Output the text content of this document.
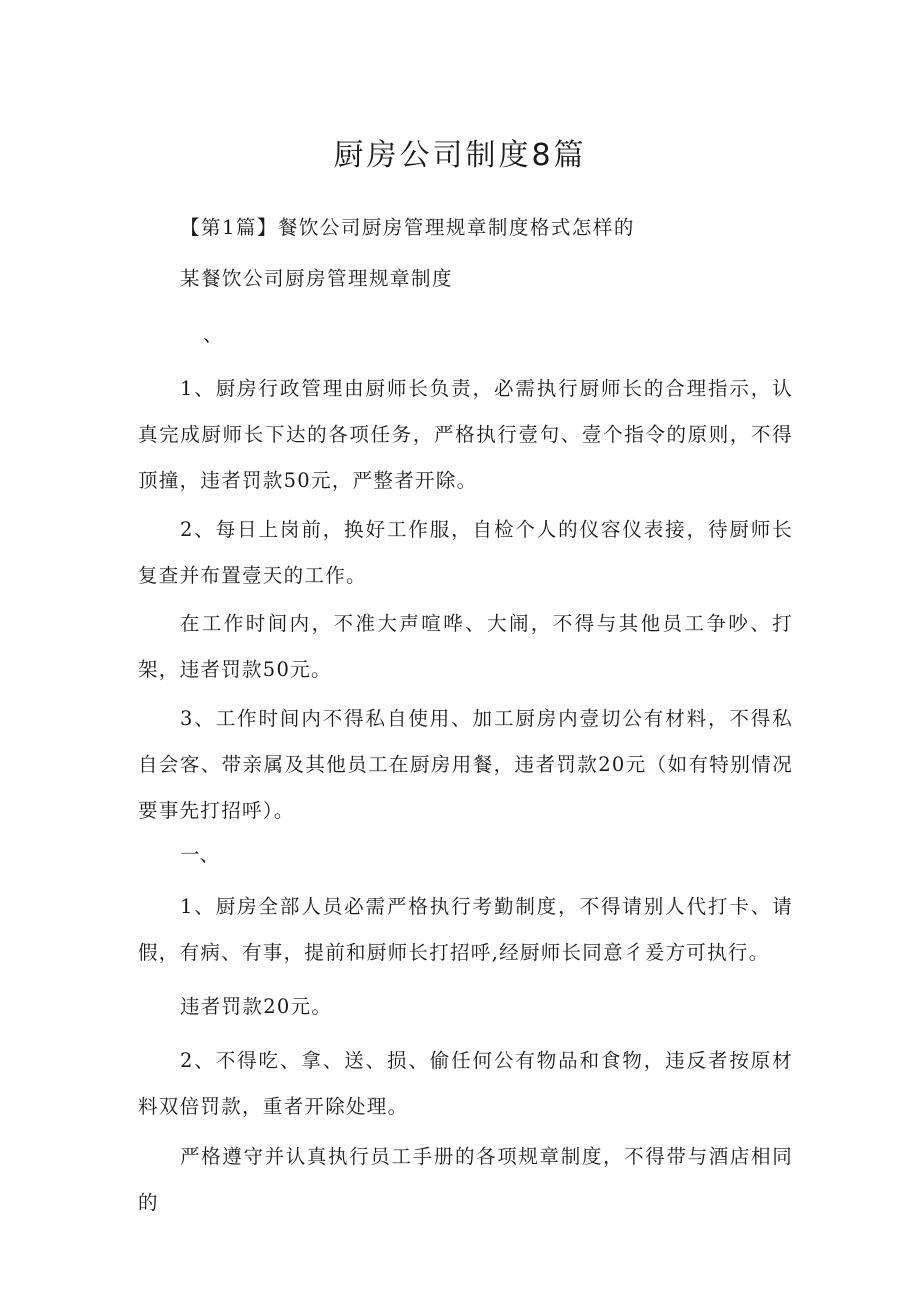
厨房公司制度8篇

【第1篇】餐饮公司厨房管理规章制度格式怎样的

某餐饮公司厨房管理规章制度

、

1、厨房行政管理由厨师长负责，必需执行厨师长的合理指示，认真完成厨师长下达的各项任务，严格执行壹句、壹个指令的原则，不得顶撞，违者罚款50元，严整者开除。

2、每日上岗前，换好工作服，自检个人的仪容仪表接，待厨师长复查并布置壹天的工作。

在工作时间内，不准大声喧哗、大闹，不得与其他员工争吵、打架，违者罚款50元。

3、工作时间内不得私自使用、加工厨房内壹切公有材料，不得私自会客、带亲属及其他员工在厨房用餐，违者罚款20元（如有特别情况要事先打招呼）。

一、

1、厨房全部人员必需严格执行考勤制度，不得请别人代打卡、请假，有病、有事，提前和厨师长打招呼,经厨师长同意彳爰方可执行。

违者罚款20元。

2、不得吃、拿、送、损、偷任何公有物品和食物，违反者按原材料双倍罚款，重者开除处理。

严格遵守并认真执行员工手册的各项规章制度，不得带与酒店相同的
